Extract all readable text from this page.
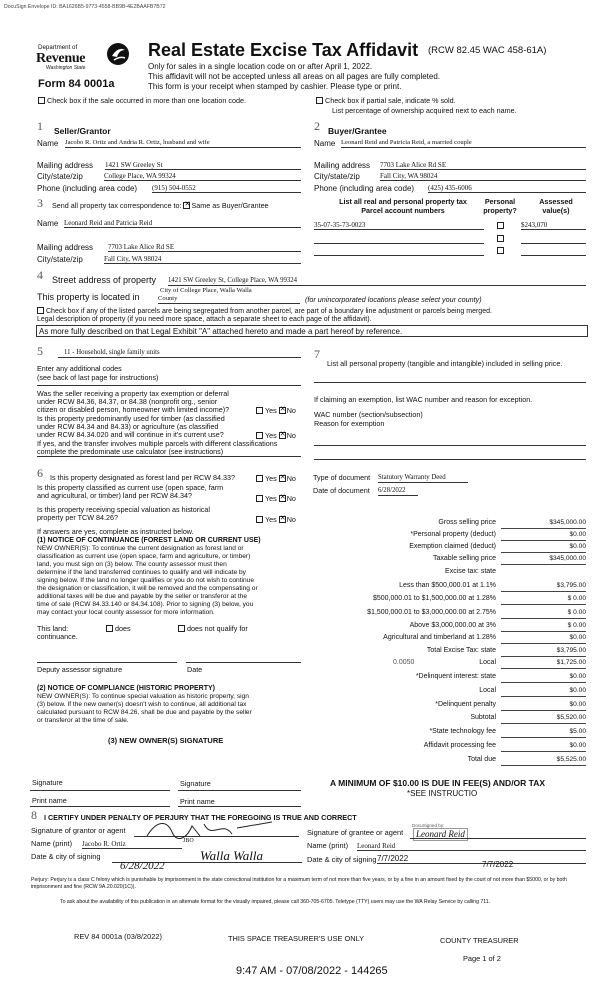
DocuSign Envelope ID: BA1626B5-9773-4558-BB9B-4E2BAAFB7B72
Department of
Revenue
Washington State
Form 84 0001a
Real Estate Excise Tax Affidavit (RCW 82.45 WAC 458-61A)
Only for sales in a single location code on or after April 1, 2022.
This affidavit will not be accepted unless all areas on all pages are fully completed.
This form is your receipt when stamped by cashier. Please type or print.
Check box if the sale occurred in more than one location code.	Check box if partial sale, indicate % sold.
List percentage of ownership acquired next to each name.
1 Seller/Grantor
Name Jacobo R. Ortiz and Andria R. Ortiz, husband and wife
Mailing address 1421 SW Greeley St
City/state/zip	College Place, WA 99324
Phone (including area code) (915) 504-0552
2 Buyer/Grantee
Name Leonard Reid and Patricia Reid, a married couple
Mailing address 7703 Lake Alice Rd SE
City/state/zip	Fall City, WA 98024
Phone (including area code) (425) 435-6006
3 Send all property tax correspondence to: ✕ Same as Buyer/Grantee
Name Leonard Reid and Patricia Reid
Mailing address 7703 Lake Alice Rd SE
City/state/zip	Fall City, WA 98024
List all real and personal property tax
Parcel account numbers
Personal
property?
Assessed
value(s)
35-07-35-73-0023	$243,070
4 Street address of property 1421 SW Greeley St, College Place, WA 99324
This property is located in
City of College Place, Walla Walla
County	(for unincorporated locations please select your county)
Check box if any of the listed parcels are being segregated from another parcel, are part of a boundary line adjustment or parcels being merged.
Legal description of property (if you need more space, attach a separate sheet to each page of the affidavit).
As more fully described on that Legal Exhibit "A" attached hereto and made a part hereof by reference.
5	11 - Household, single family units
Enter any additional codes
(see back of last page for instructions)
Was the seller receiving a property tax exemption or deferral
under RCW 84.36, 84.37, or 84.38 (nonprofit org., senior
citizen or disabled person, homeowner with limited income)?	Yes ✕ No
Is this property predominantly used for timber (as classified
under RCW 84.34 and 84.33) or agriculture (as classified
under RCW 84.34.020 and will continue in it's current use?	Yes ✕ No
If yes, and the transfer involves multiple parcels with different classifications
complete the predominate use calculator (see instructions)
7
List all personal property (tangible and intangible) included in selling price.
If claiming an exemption, list WAC number and reason for exception.
WAC number (section/subsection)
Reason for exemption
6 Is this property designated as forest land per RCW 84.33?	Yes ✕ No
Is this property classified as current use (open space, farm
and agricultural, or timber) land per RCW 84.34?	Yes ✕ No
Is this property receiving special valuation as historical
property per TCW 84.26?	Yes ✕ No
If answers are yes, complete as instructed below.
(1) NOTICE OF CONTINUANCE (FOREST LAND OR CURRENT USE)
NEW OWNER(S): To continue the current designation as forest land or
classification as current use (open space, farm and agriculture, or timber)
land, you must sign on (3) below. The county assessor must then
determine if the land transferred continues to qualify and will indicate by
signing below. If the land no longer qualifies or you do not wish to continue
the designation or classification, it will be removed and the compensating or
additional taxes will be due and payable by the seller or transferor at the
time of sale (RCW 84.33.140 or 84.34.108). Prior to signing (3) below, you
may contact your local county assessor for more information.
This land:
continuance.
does	does not qualify for
Deputy assessor signature	Date
(2) NOTICE OF COMPLIANCE (HISTORIC PROPERTY)
NEW OWNER(S): To continue special valuation as historic property, sign
(3) below. If the new owner(s) doesn't wish to continue, all additional tax
calculated pursuant to RCW 84.26, shall be due and payable by the seller
or transferor at the time of sale.
(3) NEW OWNER(S) SIGNATURE
Signature	Signature
Print name	Print name
Type of document Statutory Warranty Deed
Date of document 6/28/2022
Gross selling price	$345,000.00
*Personal property (deduct)	$0.00
Exemption claimed (deduct)	$0.00
Taxable selling price	$345,000.00
Excise tax: state
Less than $500,000.01 at 1.1%	$3,795.00
$500,000.01 to $1,500,000.00 at 1.28%	$ 0.00
$1,500,000.01 to $3,000,000.00 at 2.75%	$ 0.00
Above $3,000,000.00 at 3%	$ 0.00
Agricultural and timberland at 1.28%	$0.00
Total Excise Tax: state	$3,795.00
0.0050	Local	$1,725.00
*Delinquent interest: state	$0.00
Local	$0.00
*Delinquent penalty	$0.00
Subtotal	$5,520.00
*State technology fee	$5.00
Affidavit processing fee	$0.00
Total due	$5,525.00
A MINIMUM OF $10.00 IS DUE IN FEE(S) AND/OR TAX
*SEE INSTRUCTIO
8 I CERTIFY UNDER PENALTY OF PERJURY THAT THE FOREGOING IS TRUE AND CORRECT
Signature of grantor or agent
Name (print) Jacobo R. Ortiz	JBO
Date & city of signing
6/28/2022
Walla Walla
DocuSigned by:
Signature of grantee or agent	Leonard Reid
Name (print) Leonard Reid
Date & city of signing 7/7/2022
7/7/2022
Perjury: Perjury is a class C felony which is punishable by imprisonment in the state correctional institution for a maximum term of not more than five years, or by a fine in an amount fixed by the court of not more than $5000, or by both imprisonment and fine (RCW 9A.20.020(1C)).
To ask about the availability of this publication in an alternate format for the visually impaired, please call 360-705-6705. Teletype (TTY) users may use the WA Relay Service by calling 711.
REV 84 0001a (03/8/2022)	THIS SPACE TREASURER'S USE ONLY	COUNTY TREASURER
Page 1 of 2
9:47 AM - 07/08/2022 - 144265
